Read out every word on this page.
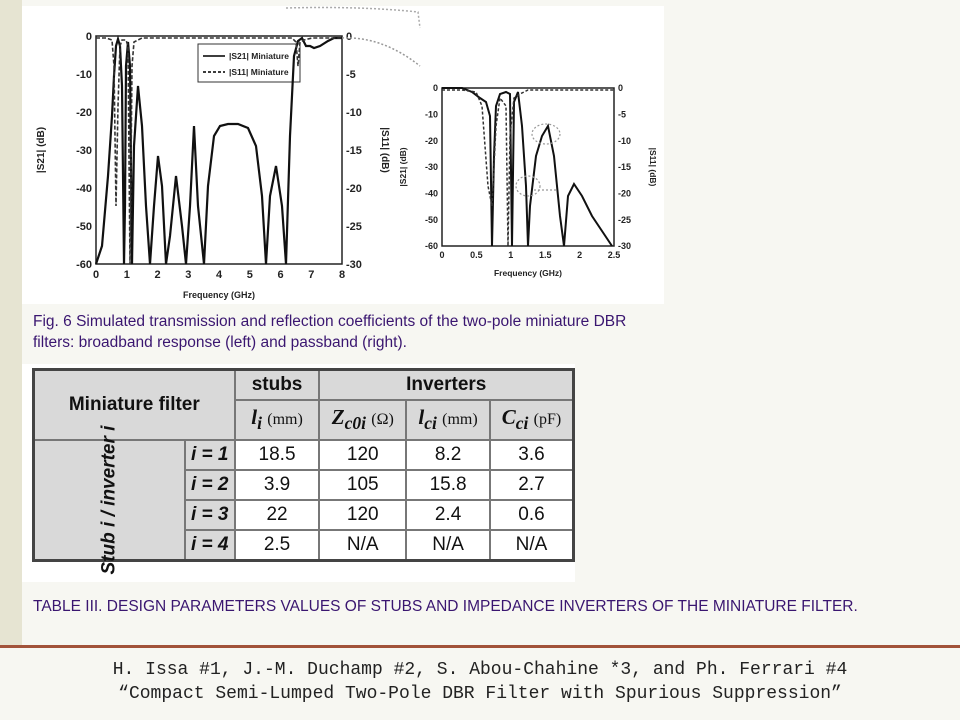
0
-10
-20
-30
-40
-50
-60
0
-5
-10
-15
-20
-25
-30
0 1 2 3 4 5 6 7 8
|S21| Miniature
|S11| Miniature
Frequency (GHz)
|S21| (dB)	|S11| (dB)
0
-10
-20
-30
-40
-50
-60
0
-5
-10
-15
-20
-25
-30
0	0.5	1	1.5	2	2.5
Frequency (GHz)
|S21| (dB)	|S11| (dB)
Fig. 6 Simulated transmission and reflection coefficients of the two-pole miniature DBR filters: broadband response (left) and passband (right).
Miniature filter		stubs	Inverters		
		$l_i$ (mm)	$Z_{c0i}$ (Ω)	$l_{ci}$ (mm)	$C_{ci}$ (pF)
Stub i / inverter i	i = 1	18.5	120	8.2	3.6
	i = 2	3.9	105	15.8	2.7
	i = 3	22	120	2.4	0.6
	i = 4	2.5	N/A	N/A	N/A
TABLE III. DESIGN PARAMETERS VALUES OF STUBS AND IMPEDANCE INVERTERS OF THE MINIATURE FILTER.
H. Issa #1, J.-M. Duchamp #2, S. Abou-Chahine *3, and Ph. Ferrari #4
“Compact Semi-Lumped Two-Pole DBR Filter with Spurious Suppression”
